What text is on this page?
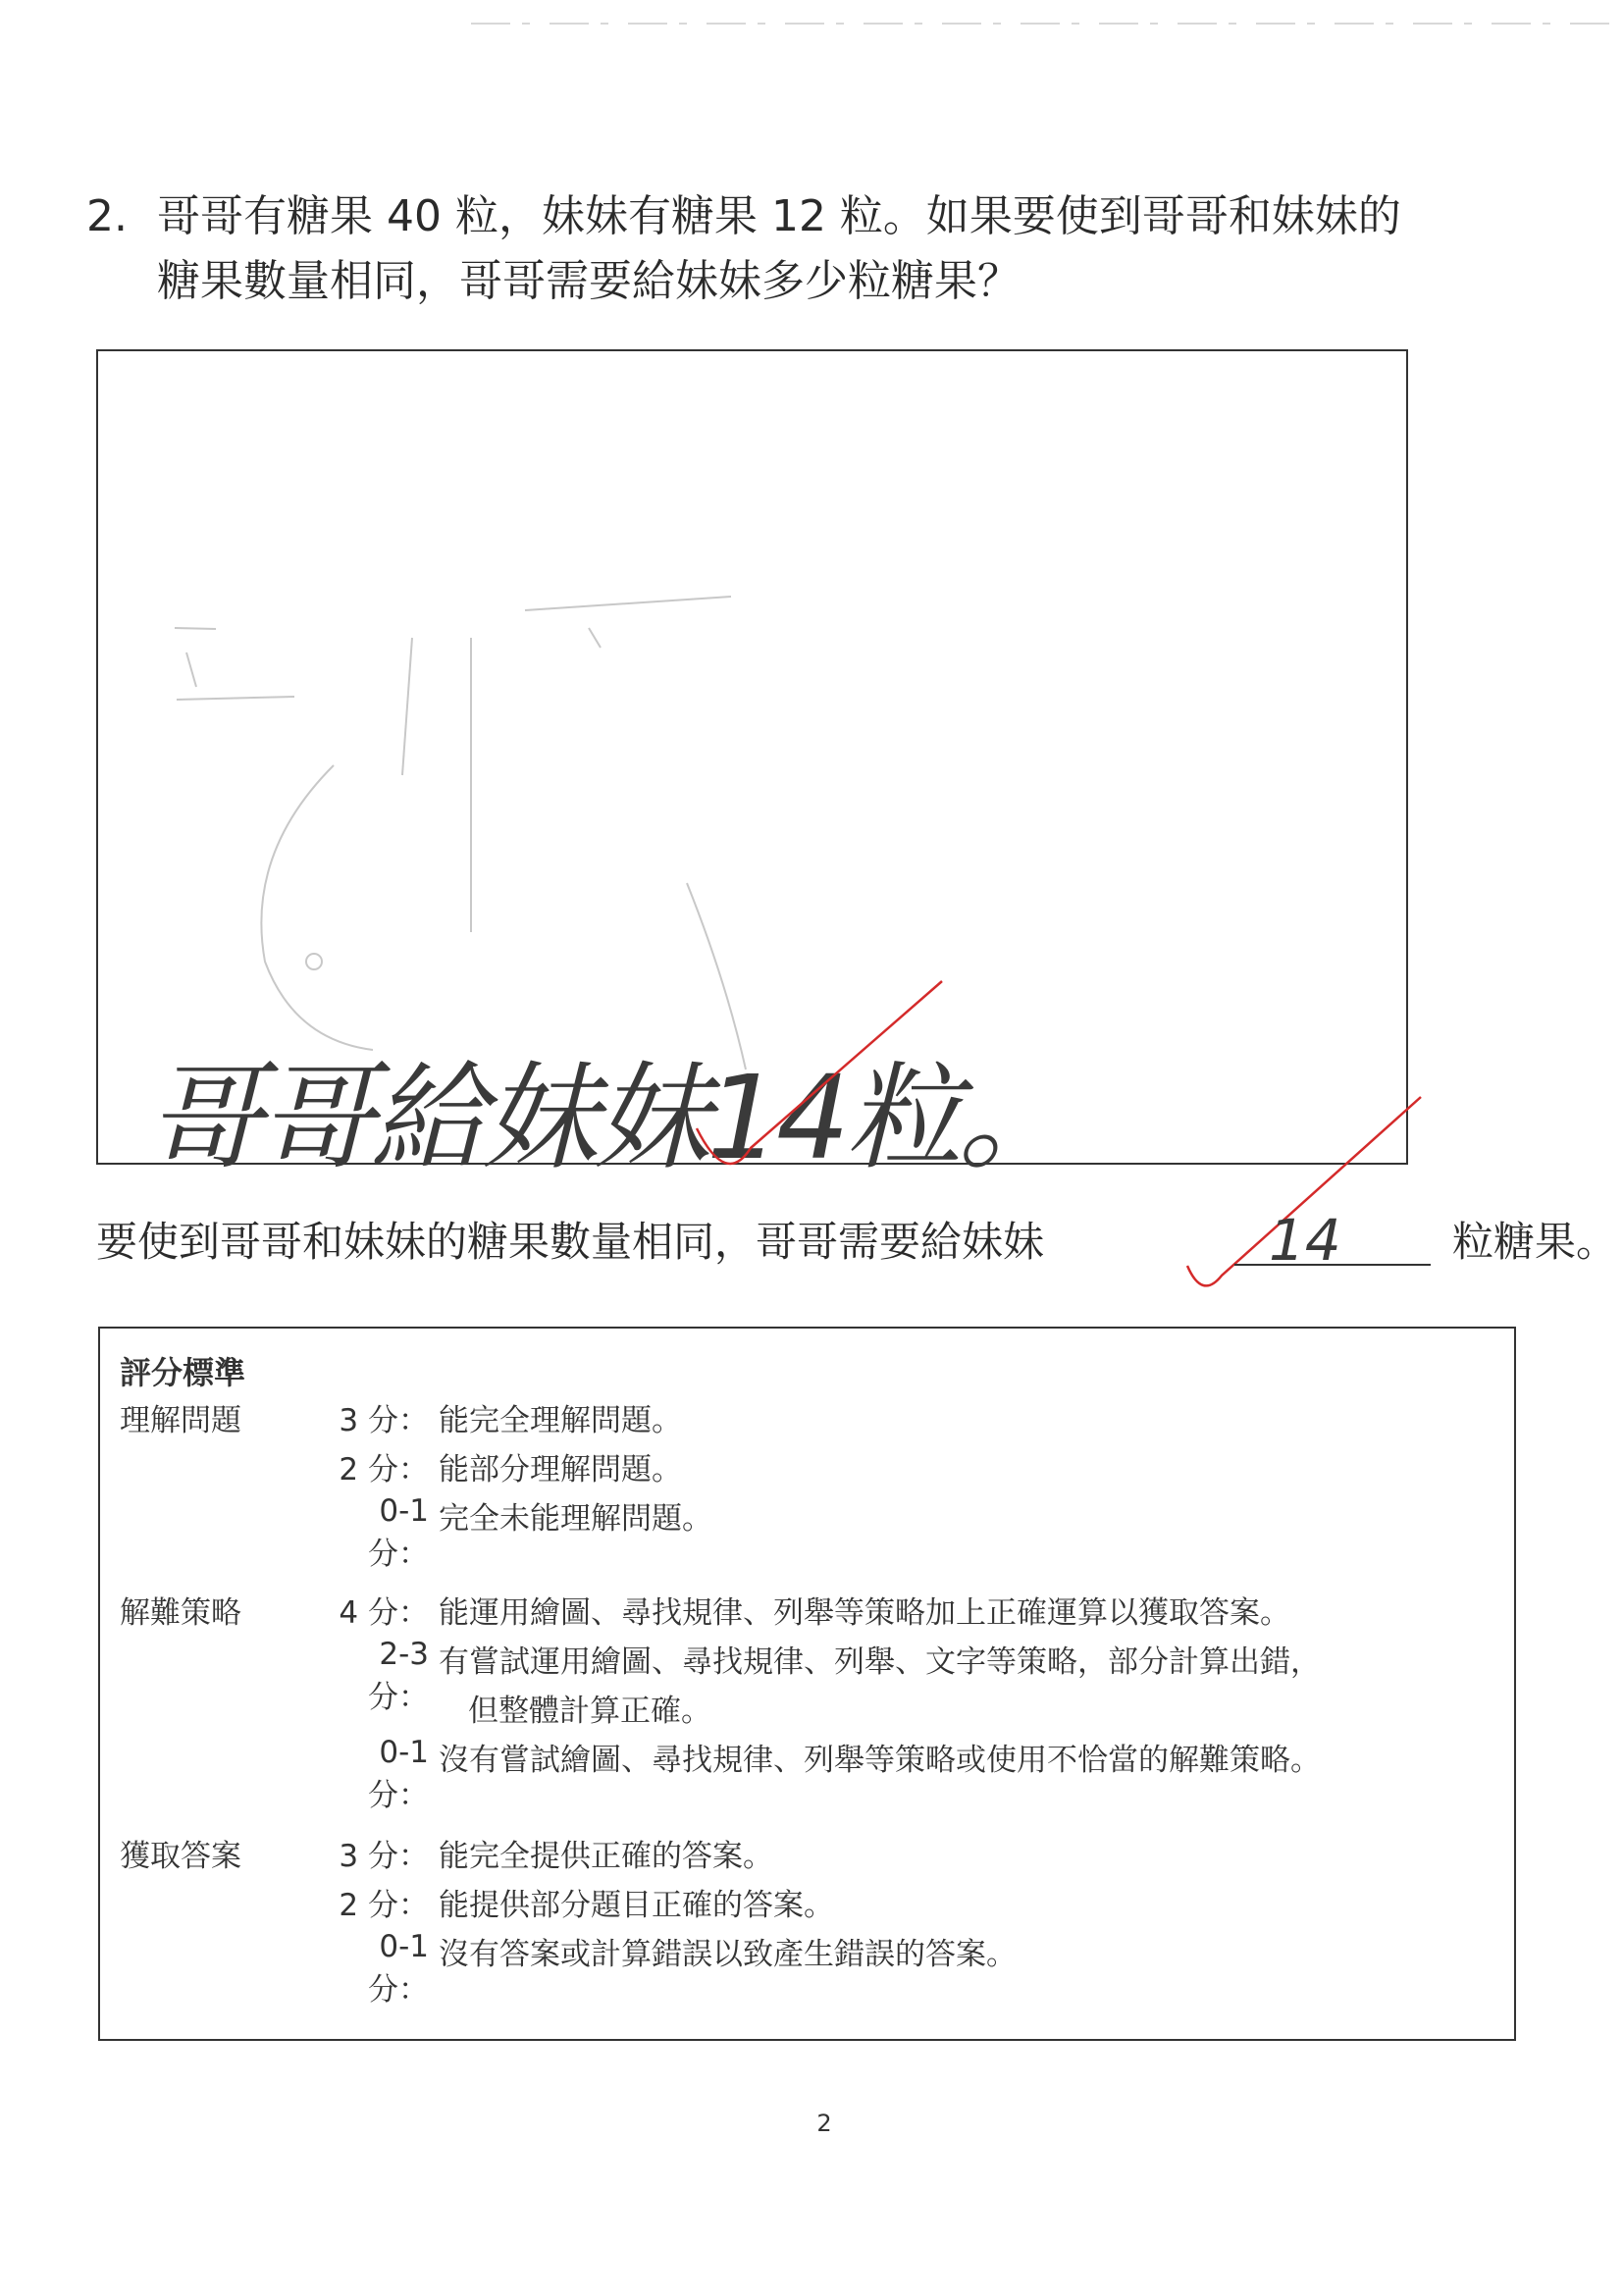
2. 哥哥有糖果 40 粒，妹妹有糖果 12 粒。如果要使到哥哥和妹妹的
糖果數量相同，哥哥需要給妹妹多少粒糖果？
哥哥給妹妹14粒。
要使到哥哥和妹妹的糖果數量相同，哥哥需要給妹妹	14	粒糖果。
評分標準
理解問題	3 分： 能完全理解問題。
2 分： 能部分理解問題。
0-1 分：
完全未能理解問題。
解難策略	4 分： 能運用繪圖、尋找規律、列舉等策略加上正確運算以獲取答案。
2-3 分：
有嘗試運用繪圖、尋找規律、列舉、文字等策略，部分計算出錯，
但整體計算正確。
0-1 分：
沒有嘗試繪圖、尋找規律、列舉等策略或使用不恰當的解難策略。
獲取答案	3 分： 能完全提供正確的答案。
2 分： 能提供部分題目正確的答案。
0-1 分：
沒有答案或計算錯誤以致產生錯誤的答案。
2
